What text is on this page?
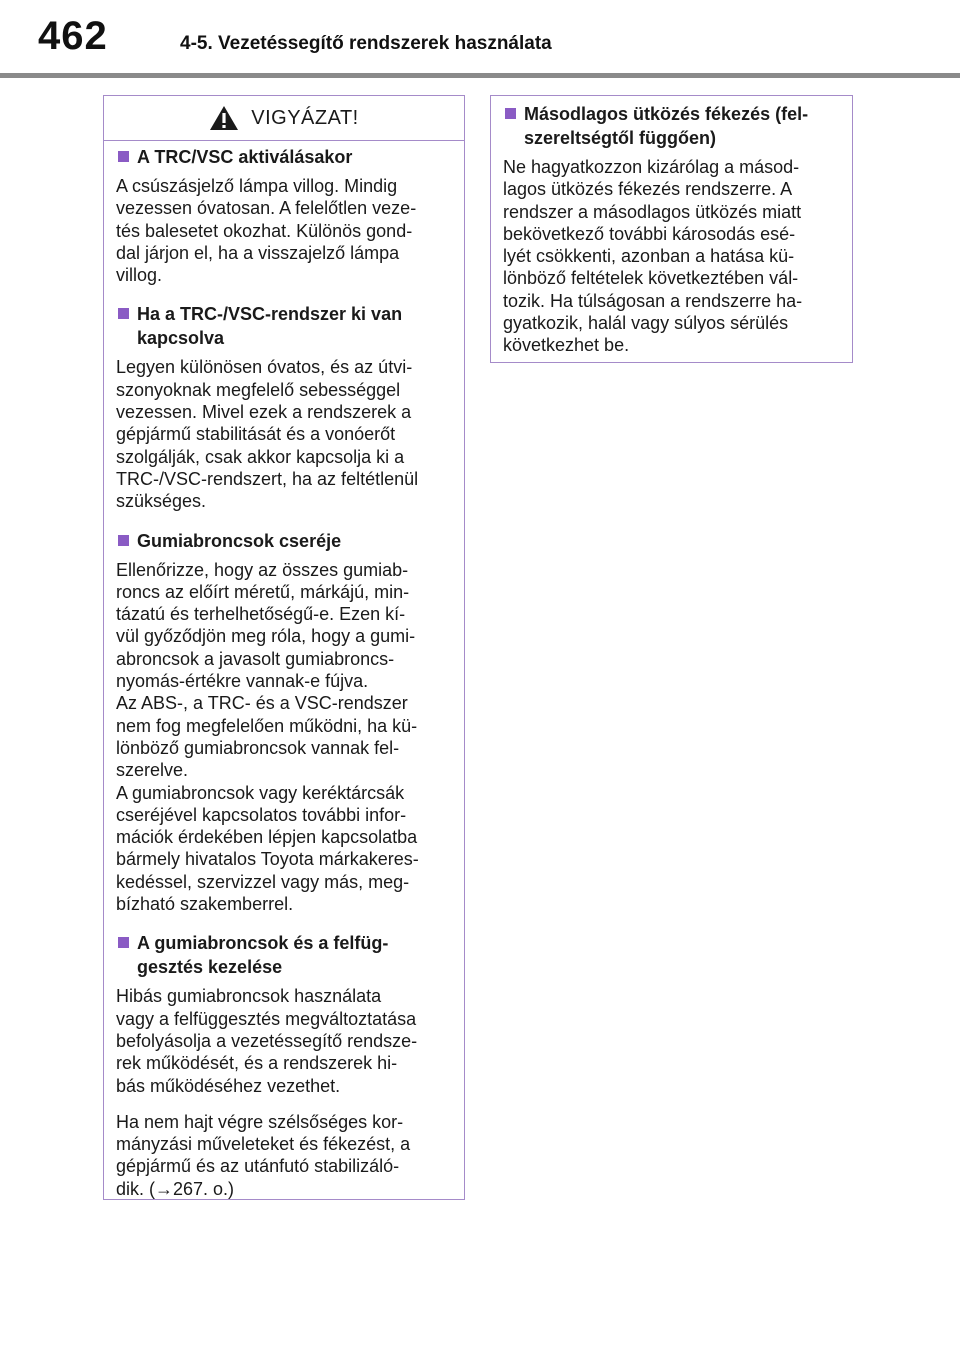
462	4-5. Vezetéssegítő rendszerek használata
VIGYÁZAT!
A TRC/VSC aktiválásakor
A csúszásjelző lámpa villog. Mindig
vezessen óvatosan. A felelőtlen veze-
tés balesetet okozhat. Különös gond-
dal járjon el, ha a visszajelző lámpa
villog.
Ha a TRC-/VSC-rendszer ki van
kapcsolva
Legyen különösen óvatos, és az útvi-
szonyoknak megfelelő sebességgel
vezessen. Mivel ezek a rendszerek a
gépjármű stabilitását és a vonóerőt
szolgálják, csak akkor kapcsolja ki a
TRC-/VSC-rendszert, ha az feltétlenül
szükséges.
Gumiabroncsok cseréje
Ellenőrizze, hogy az összes gumiab-
roncs az előírt méretű, márkájú, min-
tázatú és terhelhetőségű-e. Ezen kí-
vül győződjön meg róla, hogy a gumi-
abroncsok a javasolt gumiabroncs-
nyomás-értékre vannak-e fújva.
Az ABS-, a TRC- és a VSC-rendszer
nem fog megfelelően működni, ha kü-
lönböző gumiabroncsok vannak fel-
szerelve.
A gumiabroncsok vagy keréktárcsák
cseréjével kapcsolatos további infor-
mációk érdekében lépjen kapcsolatba
bármely hivatalos Toyota márkakeres-
kedéssel, szervizzel vagy más, meg-
bízható szakemberrel.
A gumiabroncsok és a felfüg-
gesztés kezelése
Hibás gumiabroncsok használata
vagy a felfüggesztés megváltoztatása
befolyásolja a vezetéssegítő rendsze-
rek működését, és a rendszerek hi-
bás működéséhez vezethet.
Ha nem hajt végre szélsőséges kor-
mányzási műveleteket és fékezést, a
gépjármű és az utánfutó stabilizáló-
dik. (→267. o.)
Másodlagos ütközés fékezés (fel-
szereltségtől függően)
Ne hagyatkozzon kizárólag a másod-
lagos ütközés fékezés rendszerre. A
rendszer a másodlagos ütközés miatt
bekövetkező további károsodás esé-
lyét csökkenti, azonban a hatása kü-
lönböző feltételek következtében vál-
tozik. Ha túlságosan a rendszerre ha-
gyatkozik, halál vagy súlyos sérülés
következhet be.
